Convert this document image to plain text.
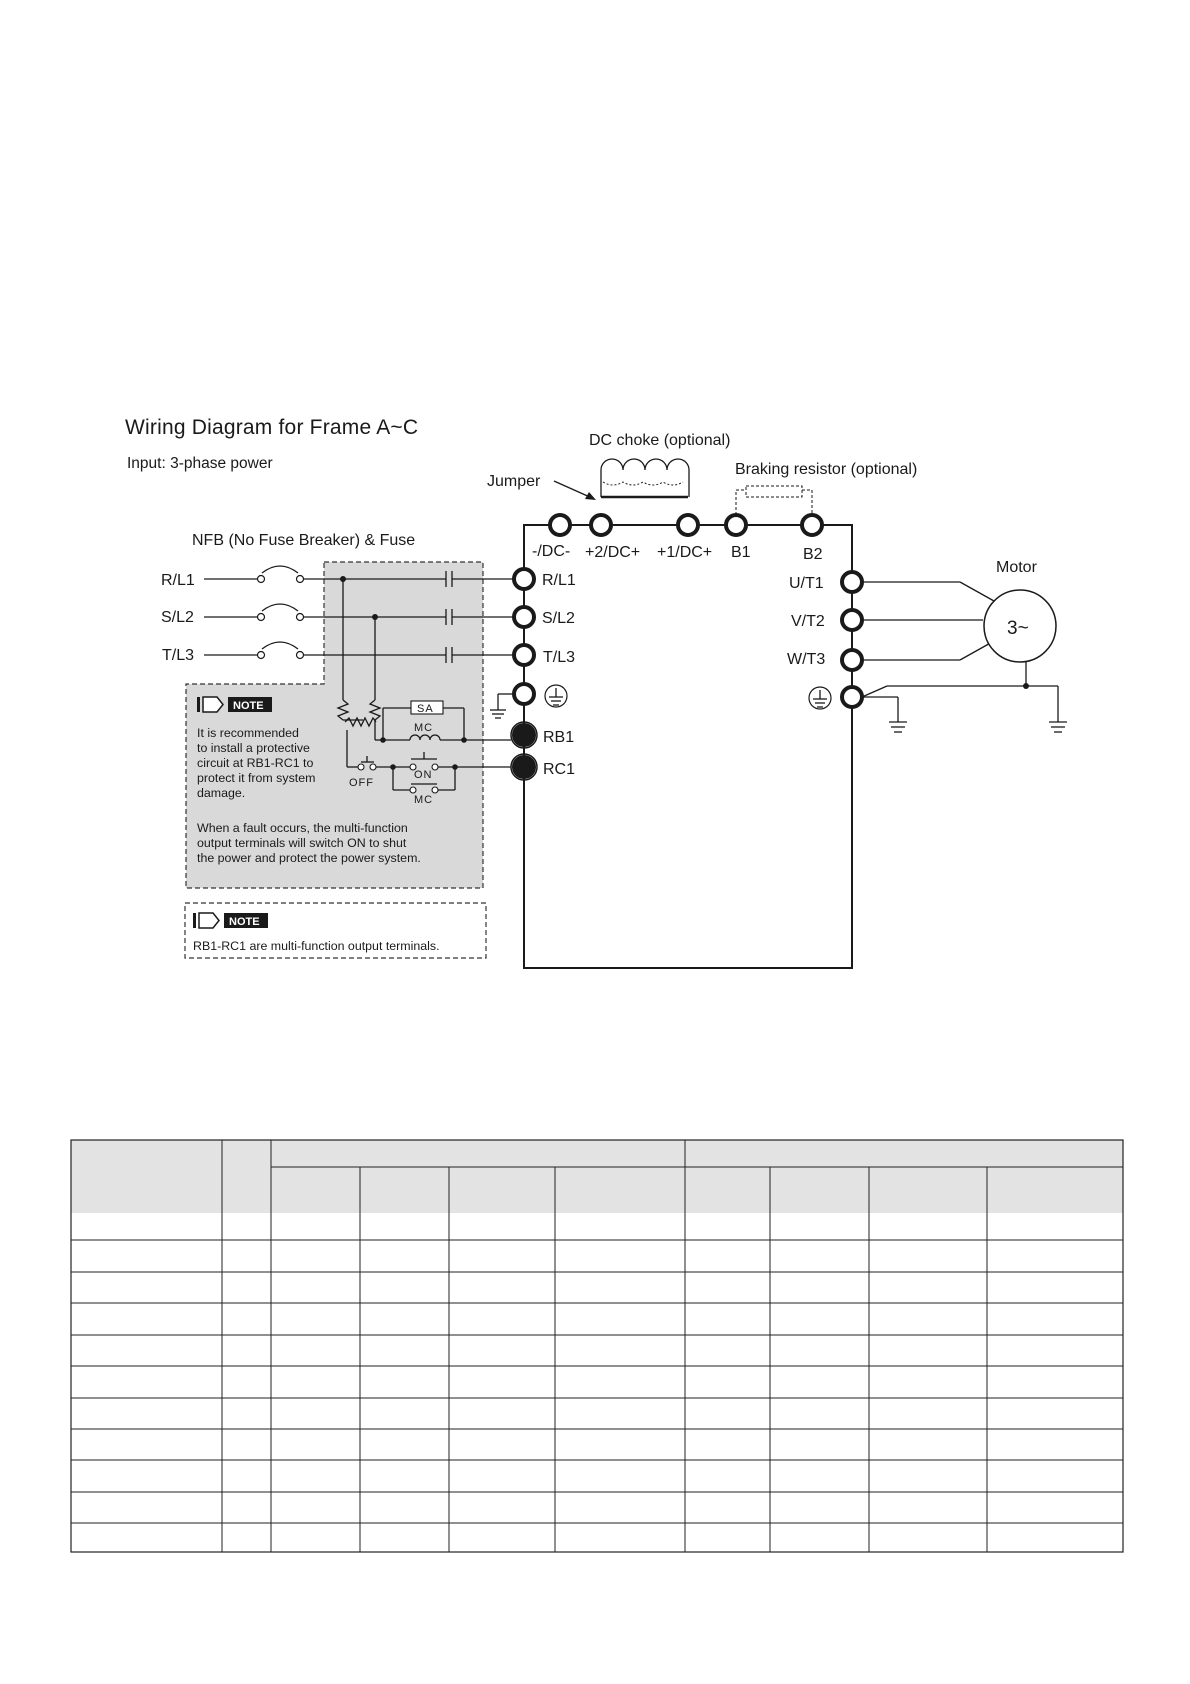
Wiring Diagram for Frame A~C
Input: 3-phase power
DC choke (optional)
Braking resistor (optional)
Jumper
NFB (No Fuse Breaker) & Fuse
Motor
-/DC- +2/DC+ +1/DC+ B1	B2
R/L1
S/L2
T/L3
R/L1
S/L2
T/L3
RB1
RC1
SA
MC
ON
OFF
MC
NOTE
It is recommended
to install a protective
circuit at RB1-RC1 to
protect it from system
damage.
When a fault occurs, the multi-function
output terminals will switch ON to shut
the power and protect the power system.
NOTE
RB1-RC1 are multi-function output terminals.
U/T1
V/T2
W/T3
3~
